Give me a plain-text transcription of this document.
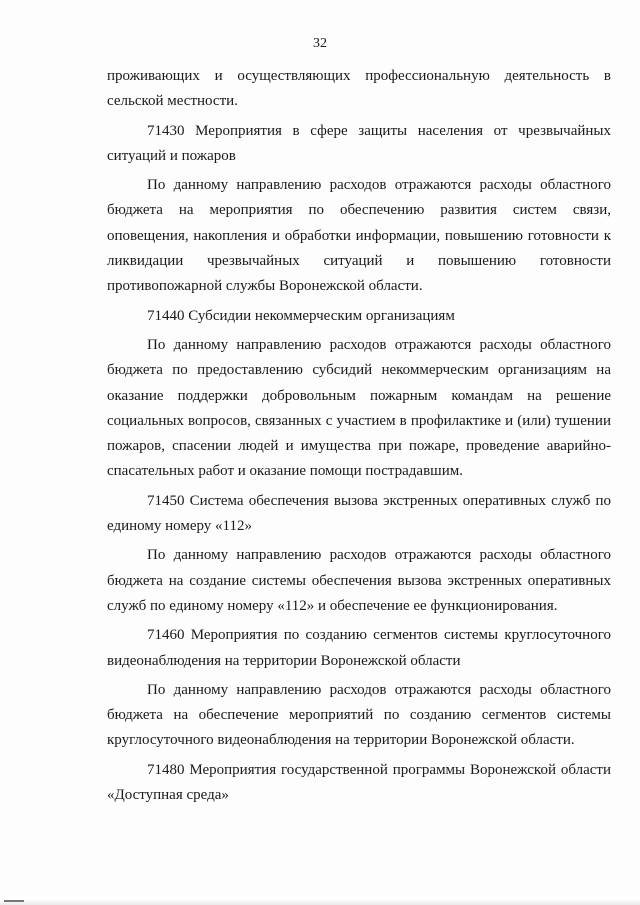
32

проживающих и осуществляющих профессиональную деятельность в сельской местности.

71430 Мероприятия в сфере защиты населения от чрезвычайных ситуаций и пожаров

По данному направлению расходов отражаются расходы областного бюджета на мероприятия по обеспечению развития систем связи, оповещения, накопления и обработки информации, повышению готовности к ликвидации чрезвычайных ситуаций и повышению готовности противопожарной службы Воронежской области.

71440 Субсидии некоммерческим организациям

По данному направлению расходов отражаются расходы областного бюджета по предоставлению субсидий некоммерческим организациям на оказание поддержки добровольным пожарным командам на решение социальных вопросов, связанных с участием в профилактике и (или) тушении пожаров, спасении людей и имущества при пожаре, проведение аварийно-спасательных работ и оказание помощи пострадавшим.

71450 Система обеспечения вызова экстренных оперативных служб по единому номеру «112»

По данному направлению расходов отражаются расходы областного бюджета на создание системы обеспечения вызова экстренных оперативных служб по единому номеру «112» и обеспечение ее функционирования.

71460 Мероприятия по созданию сегментов системы круглосуточного видеонаблюдения на территории Воронежской области

По данному направлению расходов отражаются расходы областного бюджета на обеспечение мероприятий по созданию сегментов системы круглосуточного видеонаблюдения на территории Воронежской области.

71480 Мероприятия государственной программы Воронежской области «Доступная среда»
